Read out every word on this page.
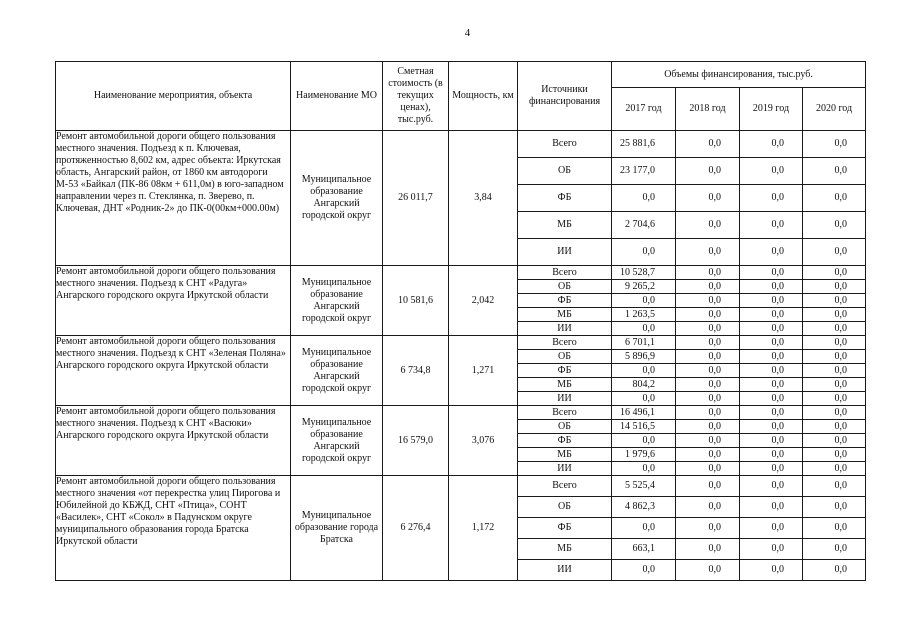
4
Наименование мероприятия, объекта	Наименование МО	Сметная стоимость (в текущих ценах), тыс.руб.	Мощность, км	Источники финансирования	Объемы финансирования, тыс.руб.			
					2017 год	2018 год	2019 год	2020 год
Ремонт автомобильной дороги общего пользования местного значения. Подъезд к п. Ключевая, протяженностью 8,602 км, адрес объекта: Иркутская область, Ангарский район, от 1860 км автодороги М-53 «Байкал (ПК-86 08км + 611,0м) в юго-западном направлении через п. Стеклянка, п. Зверево, п. Ключевая, ДНТ «Родник-2» до ПК-0(00км+000.00м)	Муниципальное образование Ангарский городской округ	26 011,7	3,84	Всего	25 881,6	0,0	0,0	0,0

				ОБ	23 177,0	0,0	0,0	0,0

				ФБ	0,0	0,0	0,0	0,0

				МБ	2 704,6	0,0	0,0	0,0

				ИИ	0,0	0,0	0,0	0,0

Ремонт автомобильной дороги общего пользования местного значения. Подъезд к СНТ «Радуга» Ангарского городского округа Иркутской области	Муниципальное образование Ангарский городской округ	10 581,6	2,042	Всего	10 528,7	0,0	0,0	0,0

				ОБ	9 265,2	0,0	0,0	0,0

				ФБ	0,0	0,0	0,0	0,0

				МБ	1 263,5	0,0	0,0	0,0

				ИИ	0,0	0,0	0,0	0,0

Ремонт автомобильной дороги общего пользования местного значения. Подъезд к СНТ «Зеленая Поляна» Ангарского городского округа Иркутской области	Муниципальное образование Ангарский городской округ	6 734,8	1,271	Всего	6 701,1	0,0	0,0	0,0

				ОБ	5 896,9	0,0	0,0	0,0

				ФБ	0,0	0,0	0,0	0,0

				МБ	804,2	0,0	0,0	0,0

				ИИ	0,0	0,0	0,0	0,0

Ремонт автомобильной дороги общего пользования местного значения. Подъезд к СНТ «Васюки» Ангарского городского округа Иркутской области	Муниципальное образование Ангарский городской округ	16 579,0	3,076	Всего	16 496,1	0,0	0,0	0,0

				ОБ	14 516,5	0,0	0,0	0,0

				ФБ	0,0	0,0	0,0	0,0

				МБ	1 979,6	0,0	0,0	0,0

				ИИ	0,0	0,0	0,0	0,0

Ремонт автомобильной дороги общего пользования местного значения «от перекрестка улиц Пирогова и Юбилейной до КБЖД, СНТ «Птица», СОНТ «Василек», СНТ «Сокол» в Падунском округе муниципального образования города Братска Иркутской области	Муниципальное образование города Братска	6 276,4	1,172	Всего	5 525,4	0,0	0,0	0,0

				ОБ	4 862,3	0,0	0,0	0,0

				ФБ	0,0	0,0	0,0	0,0

				МБ	663,1	0,0	0,0	0,0

				ИИ	0,0	0,0	0,0	0,0
